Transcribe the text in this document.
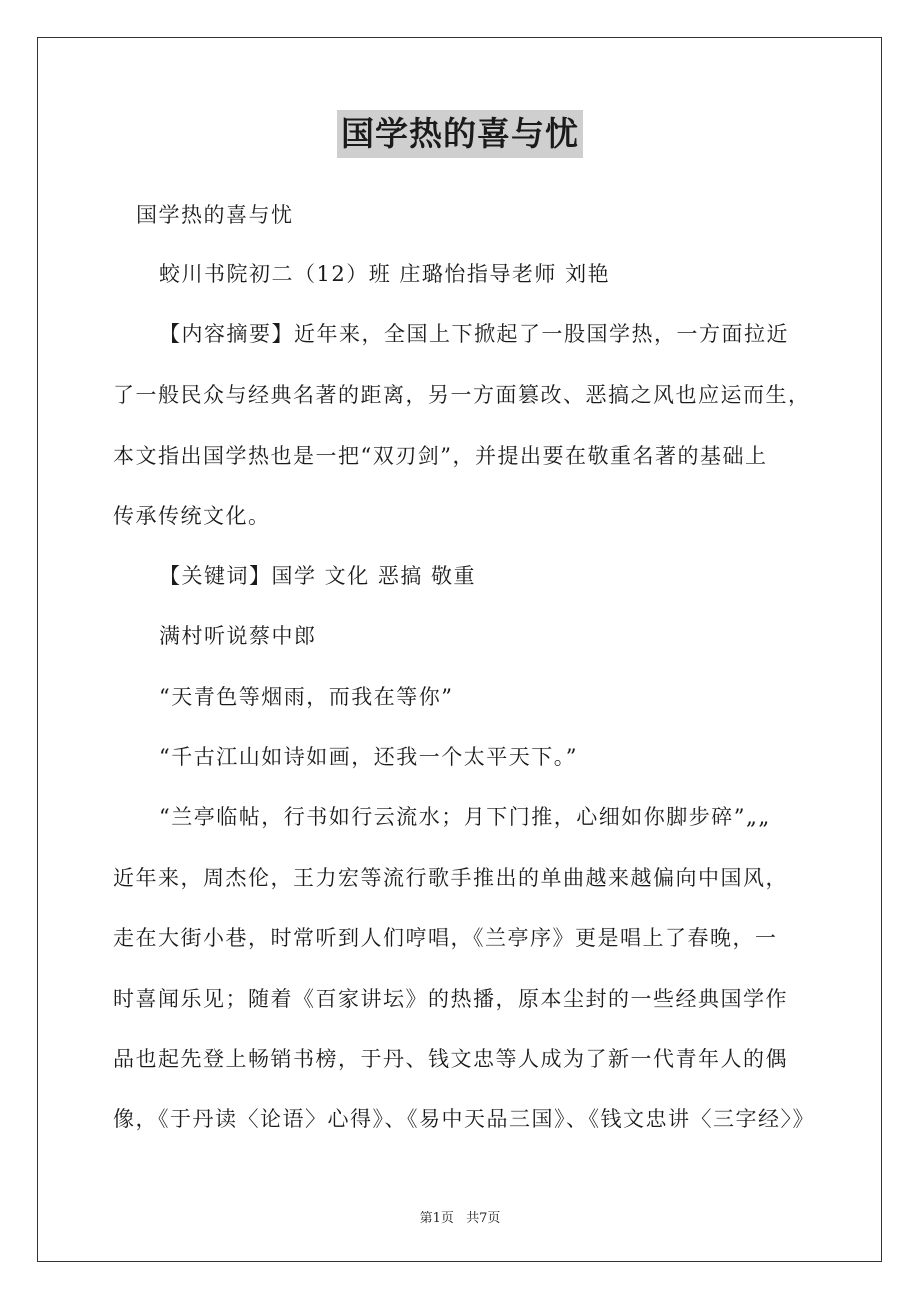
国学热的喜与忧
国学热的喜与忧
蛟川书院初二（12）班 庄璐怡指导老师 刘艳
【内容摘要】近年来，全国上下掀起了一股国学热，一方面拉近
了一般民众与经典名著的距离，另一方面篡改、恶搞之风也应运而生，
本文指出国学热也是一把“双刃剑”，并提出要在敬重名著的基础上
传承传统文化。
【关键词】国学 文化 恶搞 敬重
满村听说蔡中郎
“天青色等烟雨，而我在等你”
“千古江山如诗如画，还我一个太平天下。”
“兰亭临帖，行书如行云流水；月下门推，心细如你脚步碎”„„
近年来，周杰伦，王力宏等流行歌手推出的单曲越来越偏向中国风，
走在大街小巷，时常听到人们哼唱，《兰亭序》更是唱上了春晚，一
时喜闻乐见；随着《百家讲坛》的热播，原本尘封的一些经典国学作
品也起先登上畅销书榜，于丹、钱文忠等人成为了新一代青年人的偶
像，《于丹读〈论语〉心得》、《易中天品三国》、《钱文忠讲〈三字经〉》
第1页 共7页
